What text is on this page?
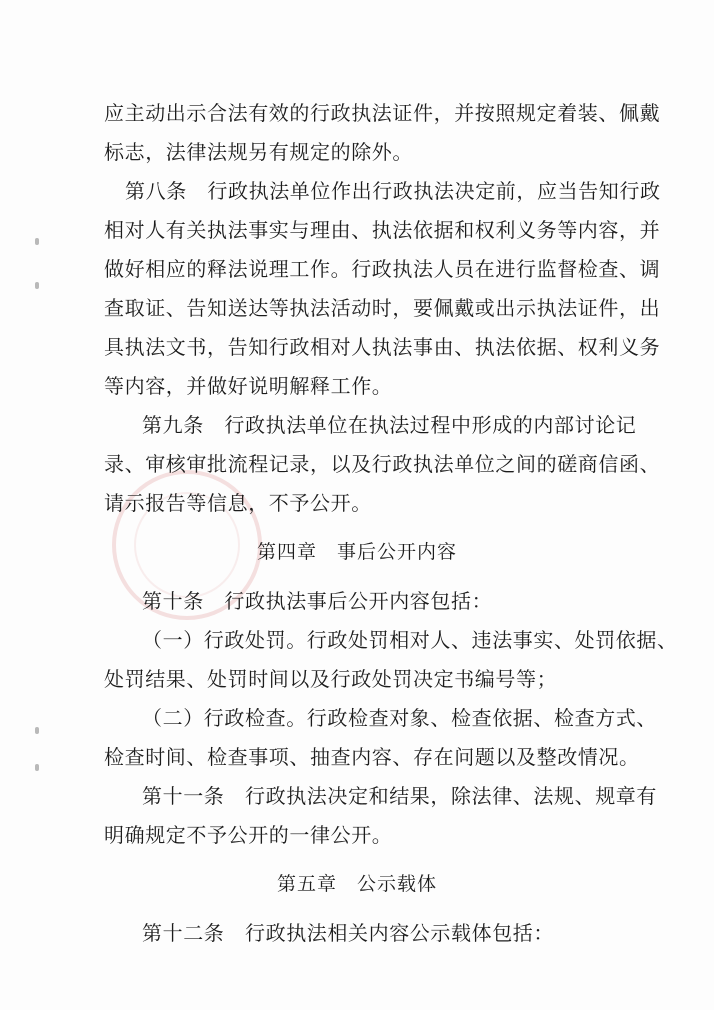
应主动出示合法有效的行政执法证件，并按照规定着装、佩戴
标志，法律法规另有规定的除外。
第八条　行政执法单位作出行政执法决定前，应当告知行政
相对人有关执法事实与理由、执法依据和权利义务等内容，并
做好相应的释法说理工作。行政执法人员在进行监督检查、调
查取证、告知送达等执法活动时，要佩戴或出示执法证件，出
具执法文书，告知行政相对人执法事由、执法依据、权利义务
等内容，并做好说明解释工作。
第九条　行政执法单位在执法过程中形成的内部讨论记
录、审核审批流程记录，以及行政执法单位之间的磋商信函、
请示报告等信息，不予公开。
第四章　事后公开内容
第十条　行政执法事后公开内容包括：
（一）行政处罚。行政处罚相对人、违法事实、处罚依据、
处罚结果、处罚时间以及行政处罚决定书编号等；
（二）行政检查。行政检查对象、检查依据、检查方式、
检查时间、检查事项、抽查内容、存在问题以及整改情况。
第十一条　行政执法决定和结果，除法律、法规、规章有
明确规定不予公开的一律公开。
第五章　公示载体
第十二条　行政执法相关内容公示载体包括：
